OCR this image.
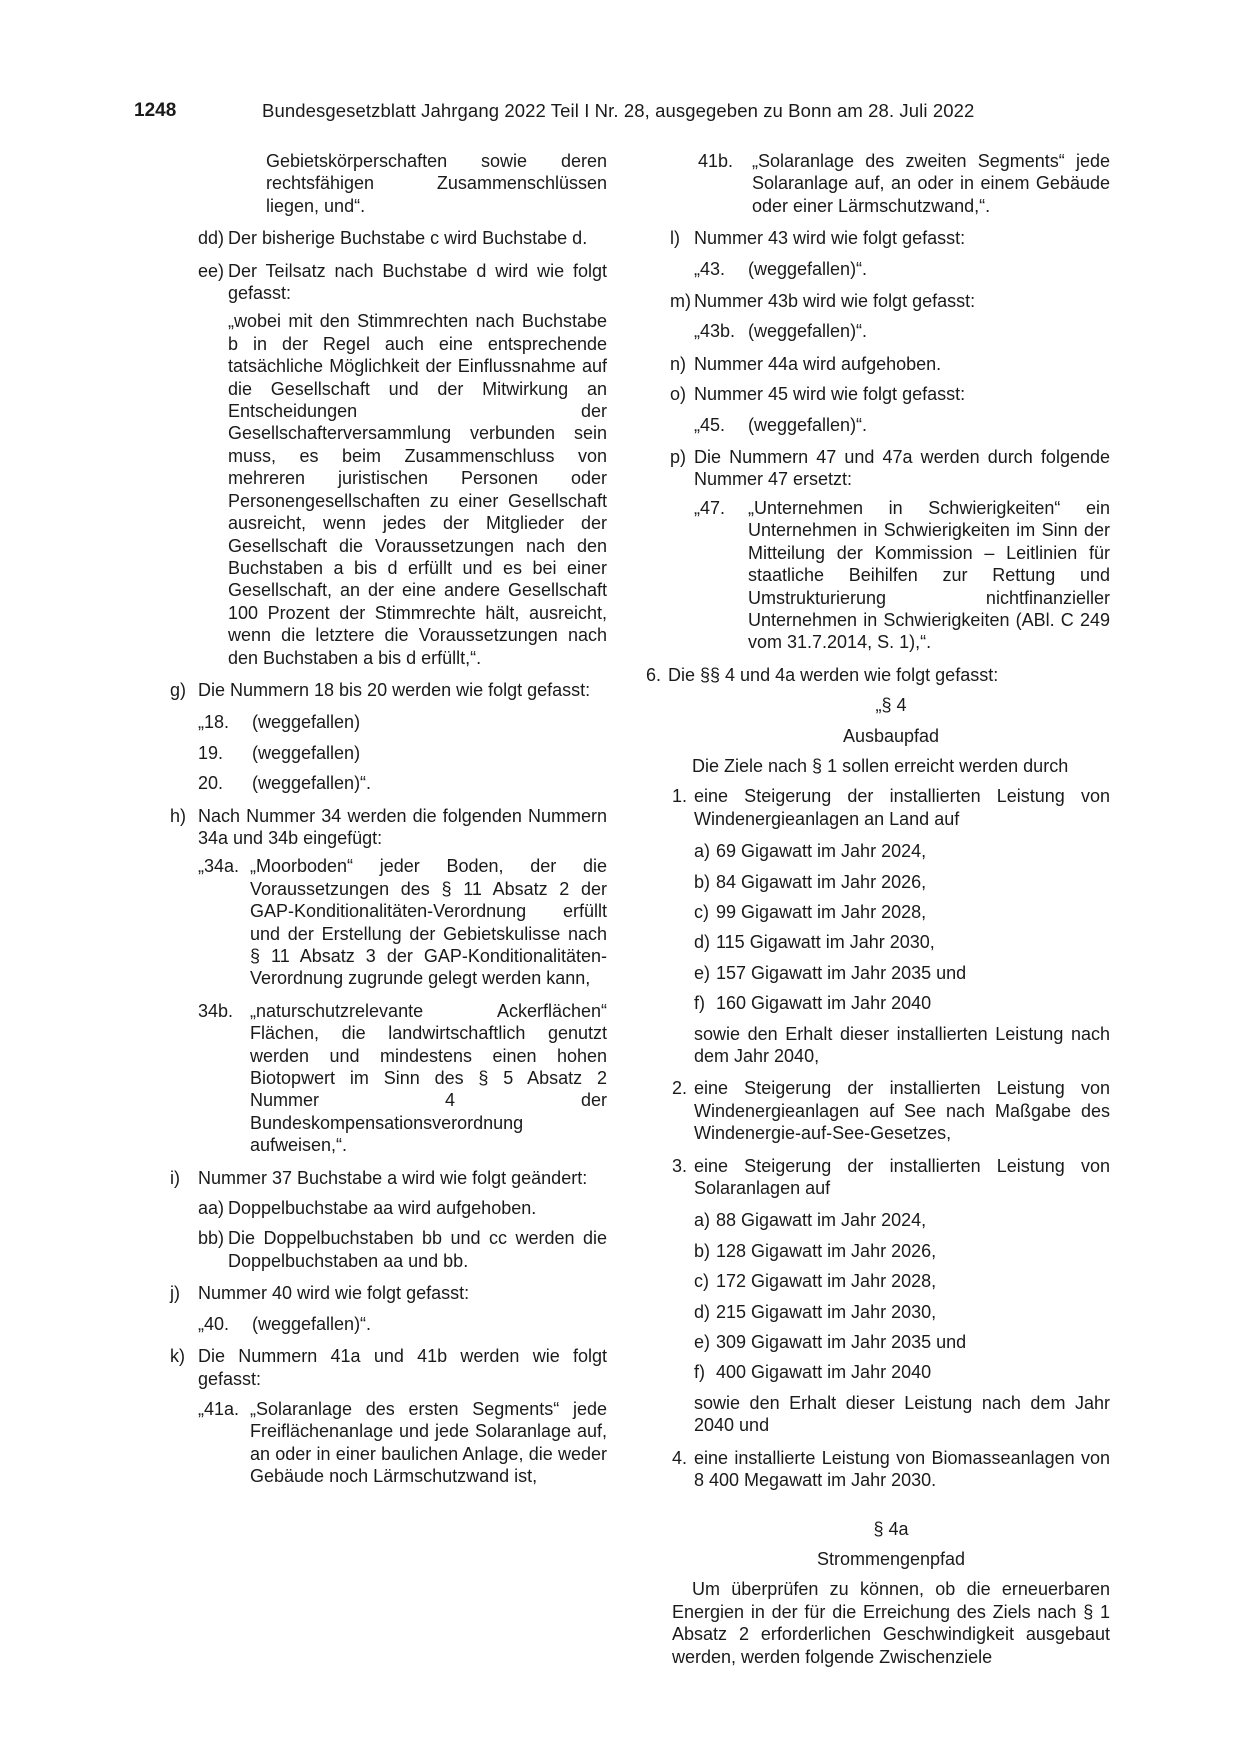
1248	Bundesgesetzblatt Jahrgang 2022 Teil I Nr. 28, ausgegeben zu Bonn am 28. Juli 2022
Gebietskörperschaften sowie deren rechtsfähigen Zusammenschlüssen liegen, und“.
dd) Der bisherige Buchstabe c wird Buchstabe d.
ee) Der Teilsatz nach Buchstabe d wird wie folgt gefasst:
„wobei mit den Stimmrechten nach Buchstabe b in der Regel auch eine entsprechende tatsächliche Möglichkeit der Einflussnahme auf die Gesellschaft und der Mitwirkung an Entscheidungen der Gesellschafterversammlung verbunden sein muss, es beim Zusammenschluss von mehreren juristischen Personen oder Personengesellschaften zu einer Gesellschaft ausreicht, wenn jedes der Mitglieder der Gesellschaft die Voraussetzungen nach den Buchstaben a bis d erfüllt und es bei einer Gesellschaft, an der eine andere Gesellschaft 100 Prozent der Stimmrechte hält, ausreicht, wenn die letztere die Voraussetzungen nach den Buchstaben a bis d erfüllt,“.
g) Die Nummern 18 bis 20 werden wie folgt gefasst:
„18.	(weggefallen)
19.	(weggefallen)
20.	(weggefallen)“.
h) Nach Nummer 34 werden die folgenden Nummern 34a und 34b eingefügt:
„34a. „Moorboden“ jeder Boden, der die Voraussetzungen des § 11 Absatz 2 der GAP-Konditionalitäten-Verordnung erfüllt und der Erstellung der Gebietskulisse nach § 11 Absatz 3 der GAP-Konditionalitäten-Verordnung zugrunde gelegt werden kann,
34b. „naturschutzrelevante Ackerflächen“ Flächen, die landwirtschaftlich genutzt werden und mindestens einen hohen Biotopwert im Sinn des § 5 Absatz 2 Nummer 4 der Bundeskompensationsverordnung aufweisen,“.
i)	Nummer 37 Buchstabe a wird wie folgt geändert:
aa) Doppelbuchstabe aa wird aufgehoben.
bb) Die Doppelbuchstaben bb und cc werden die Doppelbuchstaben aa und bb.
j)	Nummer 40 wird wie folgt gefasst:
„40.	(weggefallen)“.
k) Die Nummern 41a und 41b werden wie folgt gefasst:
„41a. „Solaranlage des ersten Segments“ jede Freiflächenanlage und jede Solaranlage auf, an oder in einer baulichen Anlage, die weder Gebäude noch Lärmschutzwand ist,
41b.	„Solaranlage des zweiten Segments“ jede Solaranlage auf, an oder in einem Gebäude oder einer Lärmschutzwand,“.
l) Nummer 43 wird wie folgt gefasst:
„43.	(weggefallen)“.
m) Nummer 43b wird wie folgt gefasst:
„43b. (weggefallen)“.
n) Nummer 44a wird aufgehoben.
o) Nummer 45 wird wie folgt gefasst:
„45.	(weggefallen)“.
p) Die Nummern 47 und 47a werden durch folgende Nummer 47 ersetzt:
„47.	„Unternehmen in Schwierigkeiten“ ein Unternehmen in Schwierigkeiten im Sinn der Mitteilung der Kommission – Leitlinien für staatliche Beihilfen zur Rettung und Umstrukturierung nichtfinanzieller Unternehmen in Schwierigkeiten (ABl. C 249 vom 31.7.2014, S. 1),“.
6. Die §§ 4 und 4a werden wie folgt gefasst:
„§ 4
Ausbaupfad
Die Ziele nach § 1 sollen erreicht werden durch
1. eine Steigerung der installierten Leistung von Windenergieanlagen an Land auf
a) 69 Gigawatt im Jahr 2024,
b) 84 Gigawatt im Jahr 2026,
c) 99 Gigawatt im Jahr 2028,
d) 115 Gigawatt im Jahr 2030,
e) 157 Gigawatt im Jahr 2035 und
f) 160 Gigawatt im Jahr 2040
sowie den Erhalt dieser installierten Leistung nach dem Jahr 2040,
2. eine Steigerung der installierten Leistung von Windenergieanlagen auf See nach Maßgabe des Windenergie-auf-See-Gesetzes,
3. eine Steigerung der installierten Leistung von Solaranlagen auf
a) 88 Gigawatt im Jahr 2024,
b) 128 Gigawatt im Jahr 2026,
c) 172 Gigawatt im Jahr 2028,
d) 215 Gigawatt im Jahr 2030,
e) 309 Gigawatt im Jahr 2035 und
f) 400 Gigawatt im Jahr 2040
sowie den Erhalt dieser Leistung nach dem Jahr 2040 und
4. eine installierte Leistung von Biomasseanlagen von 8 400 Megawatt im Jahr 2030.
§ 4a
Strommengenpfad
Um überprüfen zu können, ob die erneuerbaren Energien in der für die Erreichung des Ziels nach § 1 Absatz 2 erforderlichen Geschwindigkeit ausgebaut werden, werden folgende Zwischenziele
